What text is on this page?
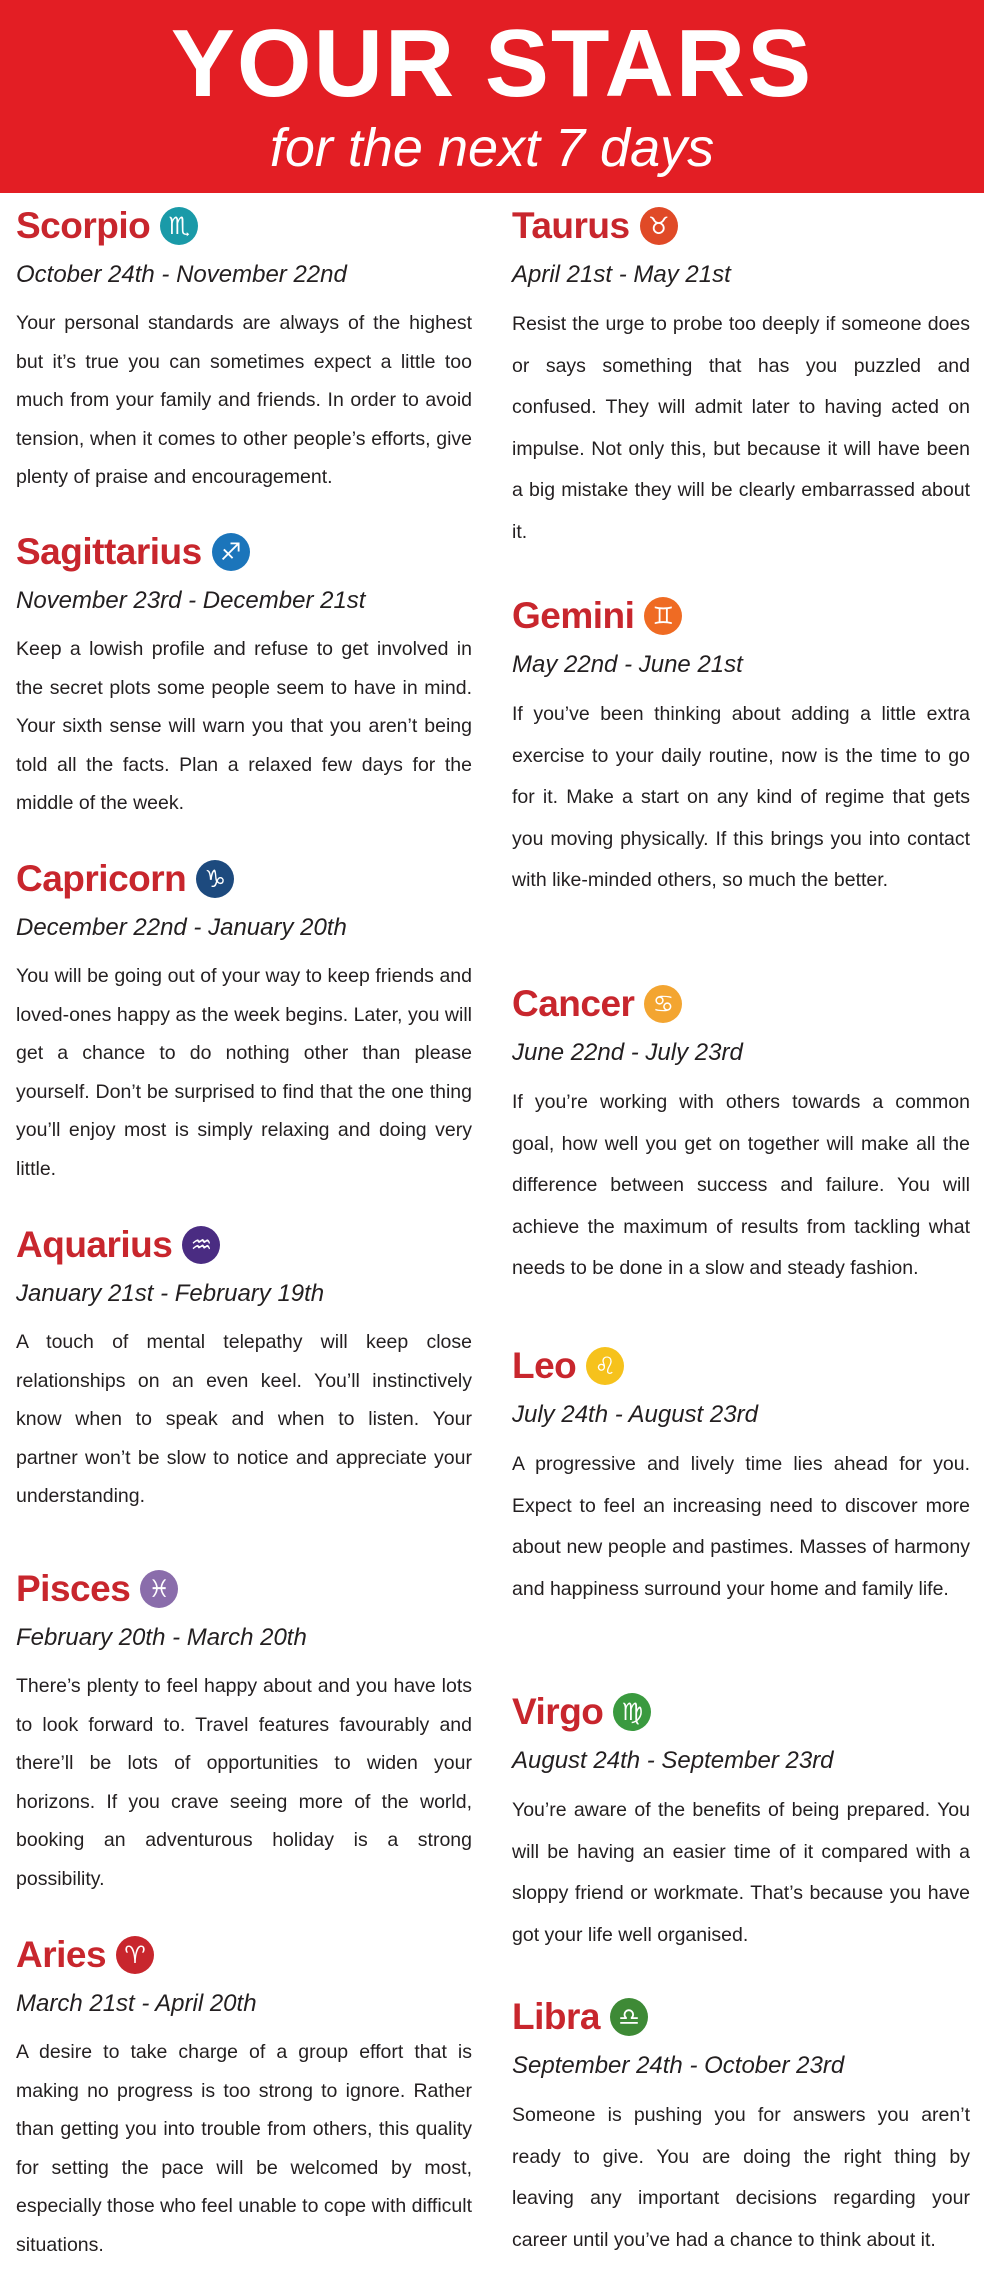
YOUR STARS
for the next 7 days
Scorpio ♏
October 24th - November 22nd

Your personal standards are always of the highest but it’s true you can sometimes expect a little too much from your family and friends. In order to avoid tension, when it comes to other people’s efforts, give plenty of praise and encouragement.

Sagittarius ♐
November 23rd - December 21st

Keep a lowish profile and refuse to get involved in the secret plots some people seem to have in mind. Your sixth sense will warn you that you aren’t being told all the facts. Plan a relaxed few days for the middle of the week.

Capricorn ♑
December 22nd - January 20th

You will be going out of your way to keep friends and loved-ones happy as the week begins. Later, you will get a chance to do nothing other than please yourself. Don’t be surprised to find that the one thing you’ll enjoy most is simply relaxing and doing very little.

Aquarius ♒
January 21st - February 19th

A touch of mental telepathy will keep close relationships on an even keel. You’ll instinctively know when to speak and when to listen. Your partner won’t be slow to notice and appreciate your understanding.

Pisces ♓
February 20th - March 20th

There’s plenty to feel happy about and you have lots to look forward to. Travel features favourably and there’ll be lots of opportunities to widen your horizons. If you crave seeing more of the world, booking an adventurous holiday is a strong possibility.

Aries ♈
March 21st - April 20th

A desire to take charge of a group effort that is making no progress is too strong to ignore. Rather than getting you into trouble from others, this quality for setting the pace will be welcomed by most, especially those who feel unable to cope with difficult situations.

Taurus ♉
April 21st - May 21st

Resist the urge to probe too deeply if someone does or says something that has you puzzled and confused. They will admit later to having acted on impulse. Not only this, but because it will have been a big mistake they will be clearly embarrassed about it.

Gemini ♊
May 22nd - June 21st

If you’ve been thinking about adding a little extra exercise to your daily routine, now is the time to go for it. Make a start on any kind of regime that gets you moving physically. If this brings you into contact with like-minded others, so much the better.

Cancer ♋
June 22nd - July 23rd

If you’re working with others towards a common goal, how well you get on together will make all the difference between success and failure. You will achieve the maximum of results from tackling what needs to be done in a slow and steady fashion.

Leo ♌
July 24th - August 23rd

A progressive and lively time lies ahead for you. Expect to feel an increasing need to discover more about new people and pastimes. Masses of harmony and happiness surround your home and family life.

Virgo ♍
August 24th - September 23rd

You’re aware of the benefits of being prepared. You will be having an easier time of it compared with a sloppy friend or workmate. That’s because you have got your life well organised.

Libra ♎
September 24th - October 23rd

Someone is pushing you for answers you aren’t ready to give. You are doing the right thing by leaving any important decisions regarding your career until you’ve had a chance to think about it.
